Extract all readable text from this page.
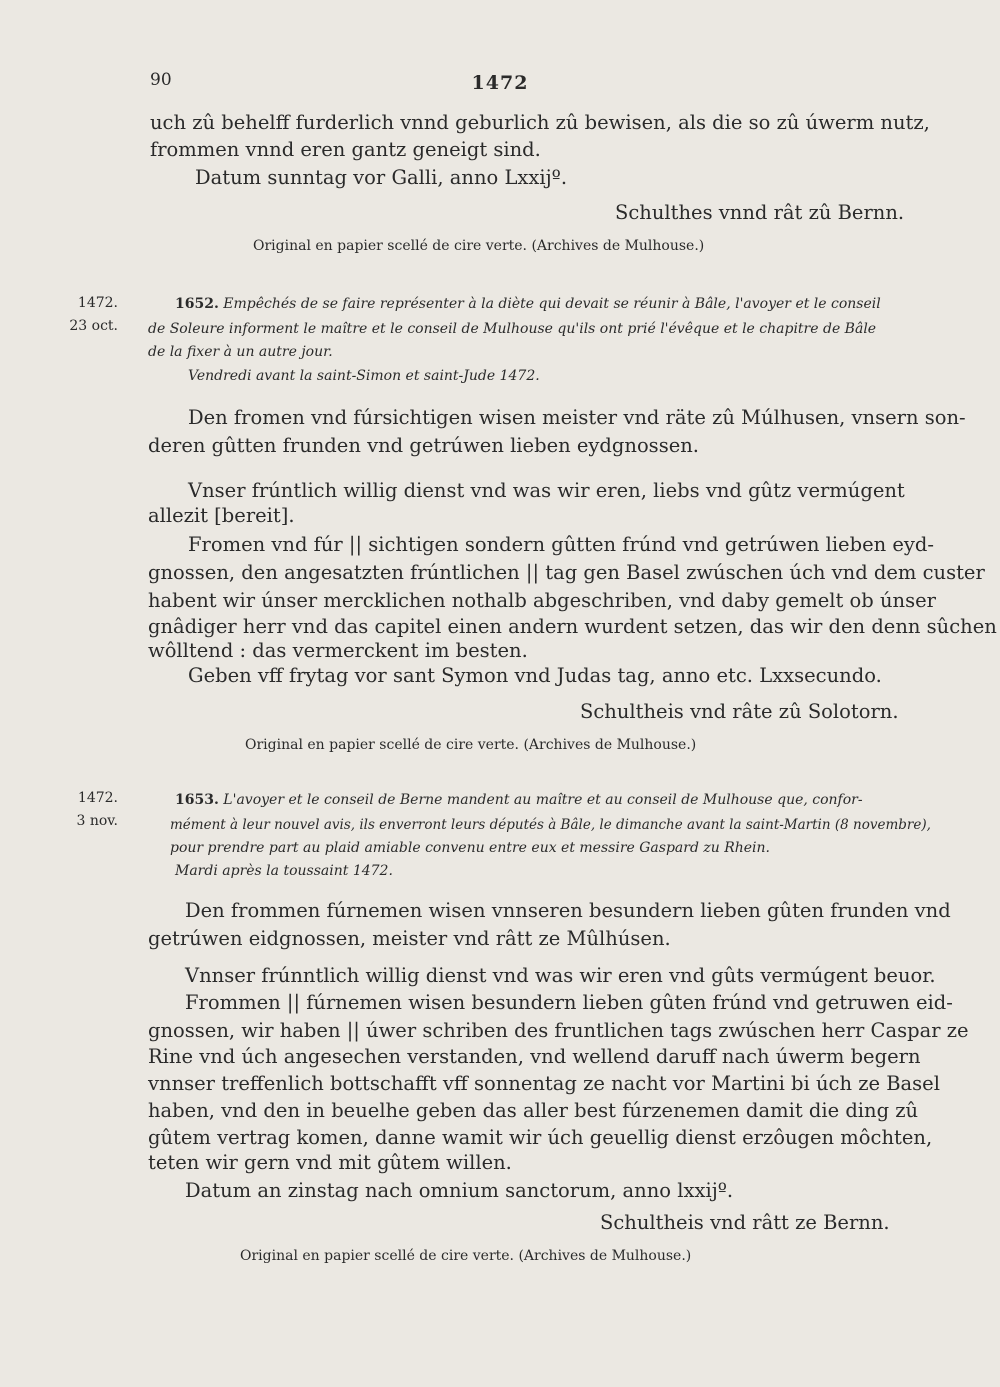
90	1472
uch zû behelff furderlich vnnd geburlich zû bewisen, als die so zû úwerm nutz,
frommen vnnd eren gantz geneigt sind.
Datum sunntag vor Galli, anno Lxxijº.
Schulthes vnnd rât zû Bernn.
Original en papier scellé de cire verte. (Archives de Mulhouse.)
1472.
23 oct.
1652. Empêchés de se faire représenter à la diète qui devait se réunir à Bâle, l'avoyer et le conseil
de Soleure informent le maître et le conseil de Mulhouse qu'ils ont prié l'évêque et le chapitre de Bâle
de la fixer à un autre jour.
Vendredi avant la saint-Simon et saint-Jude 1472.
Den fromen vnd fúrsichtigen wisen meister vnd räte zû Múlhusen, vnsern son-
deren gûtten frunden vnd getrúwen lieben eydgnossen.
Vnser frúntlich willig dienst vnd was wir eren, liebs vnd gûtz vermúgent
allezit [bereit].
Fromen vnd fúr || sichtigen sondern gûtten frúnd vnd getrúwen lieben eyd-
gnossen, den angesatzten frúntlichen || tag gen Basel zwúschen úch vnd dem custer
habent wir únser mercklichen nothalb abgeschriben, vnd daby gemelt ob únser
gnâdiger herr vnd das capitel einen andern wurdent setzen, das wir den denn sûchen
wôlltend : das vermerckent im besten.
Geben vff frytag vor sant Symon vnd Judas tag, anno etc. Lxxsecundo.
Schultheis vnd râte zû Solotorn.
Original en papier scellé de cire verte. (Archives de Mulhouse.)
1472.
3 nov.
1653. L'avoyer et le conseil de Berne mandent au maître et au conseil de Mulhouse que, confor-
mément à leur nouvel avis, ils enverront leurs députés à Bâle, le dimanche avant la saint-Martin (8 novembre),
pour prendre part au plaid amiable convenu entre eux et messire Gaspard zu Rhein.
Mardi après la toussaint 1472.
Den frommen fúrnemen wisen vnnseren besundern lieben gûten frunden vnd
getrúwen eidgnossen, meister vnd râtt ze Mûlhúsen.
Vnnser frúnntlich willig dienst vnd was wir eren vnd gûts vermúgent beuor.
Frommen || fúrnemen wisen besundern lieben gûten frúnd vnd getruwen eid-
gnossen, wir haben || úwer schriben des fruntlichen tags zwúschen herr Caspar ze
Rine vnd úch angesechen verstanden, vnd wellend daruff nach úwerm begern
vnnser treffenlich bottschafft vff sonnentag ze nacht vor Martini bi úch ze Basel
haben, vnd den in beuelhe geben das aller best fúrzenemen damit die ding zû
gûtem vertrag komen, danne wamit wir úch geuellig dienst erzôugen môchten,
teten wir gern vnd mit gûtem willen.
Datum an zinstag nach omnium sanctorum, anno lxxijº.
Schultheis vnd râtt ze Bernn.
Original en papier scellé de cire verte. (Archives de Mulhouse.)
